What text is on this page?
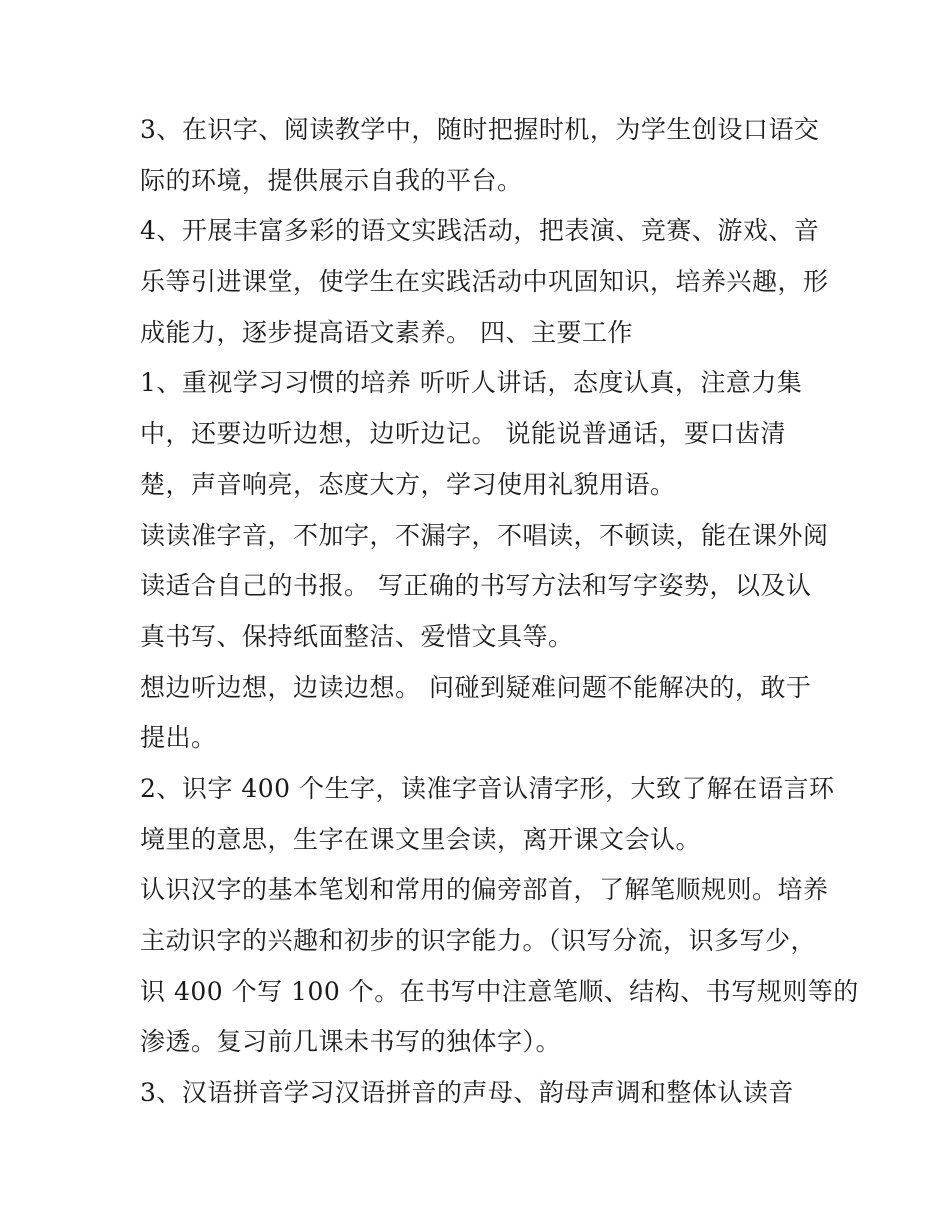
3、在识字、阅读教学中，随时把握时机，为学生创设口语交
际的环境，提供展示自我的平台。
4、开展丰富多彩的语文实践活动，把表演、竞赛、游戏、音
乐等引进课堂，使学生在实践活动中巩固知识，培养兴趣，形
成能力，逐步提高语文素养。 四、主要工作
1、重视学习习惯的培养 听听人讲话，态度认真，注意力集
中，还要边听边想，边听边记。 说能说普通话，要口齿清
楚，声音响亮，态度大方，学习使用礼貌用语。
读读准字音，不加字，不漏字，不唱读，不顿读，能在课外阅
读适合自己的书报。 写正确的书写方法和写字姿势，以及认
真书写、保持纸面整洁、爱惜文具等。
想边听边想，边读边想。 问碰到疑难问题不能解决的，敢于
提出。
2、识字 400 个生字，读准字音认清字形，大致了解在语言环
境里的意思，生字在课文里会读，离开课文会认。
认识汉字的基本笔划和常用的偏旁部首，了解笔顺规则。培养
主动识字的兴趣和初步的识字能力。（识写分流，识多写少，
识 400 个写 100 个。在书写中注意笔顺、结构、书写规则等的
渗透。复习前几课未书写的独体字）。
3、汉语拼音学习汉语拼音的声母、韵母声调和整体认读音
